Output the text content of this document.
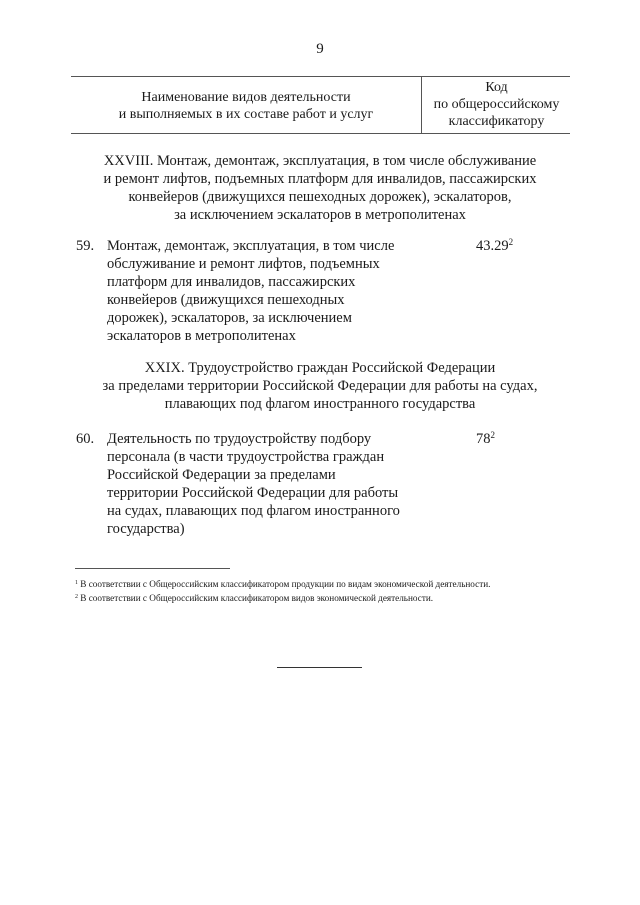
9
Наименование видов деятельности
и выполняемых в их составе работ и услуг
Код
по общероссийскому
классификатору
XXVIII. Монтаж, демонтаж, эксплуатация, в том числе обслуживание
и ремонт лифтов, подъемных платформ для инвалидов, пассажирских
конвейеров (движущихся пешеходных дорожек), эскалаторов,
за исключением эскалаторов в метрополитенах
59. Монтаж, демонтаж, эксплуатация, в том числе
обслуживание и ремонт лифтов, подъемных
платформ для инвалидов, пассажирских
конвейеров (движущихся пешеходных
дорожек), эскалаторов, за исключением
эскалаторов в метрополитенах
43.29$^2$
XXIX. Трудоустройство граждан Российской Федерации
за пределами территории Российской Федерации для работы на судах,
плавающих под флагом иностранного государства
60. Деятельность по трудоустройству подбору
персонала (в части трудоустройства граждан
Российской Федерации за пределами
территории Российской Федерации для работы
на судах, плавающих под флагом иностранного
государства)
$78^2$
$^1$ В соответствии с Общероссийским классификатором продукции по видам экономической деятельности.
$^2$ В соответствии с Общероссийским классификатором видов экономической деятельности.
